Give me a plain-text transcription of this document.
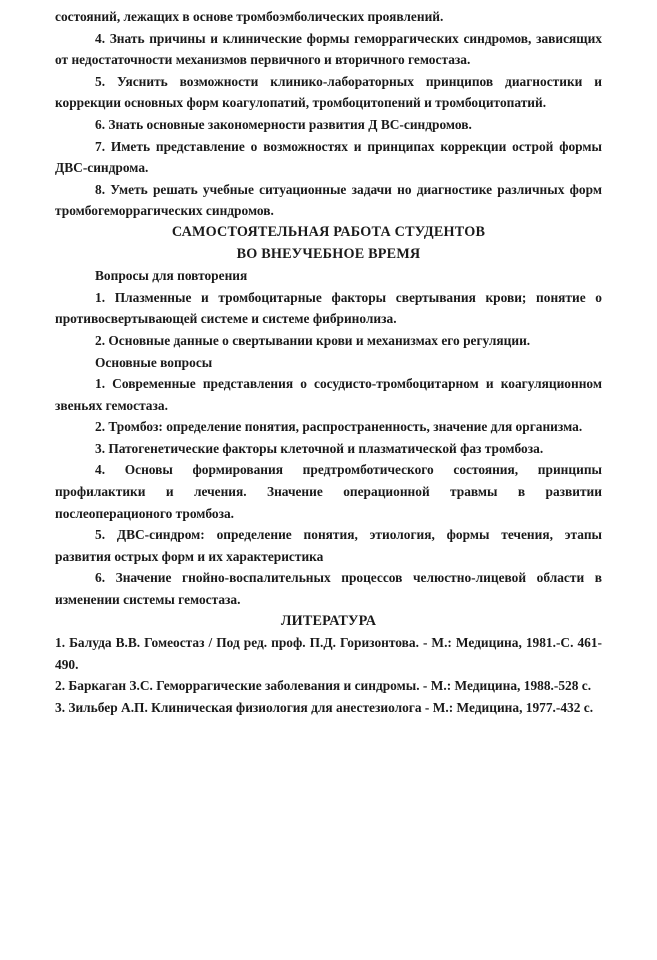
состояний, лежащих в основе тромбоэмболических проявлений.

4. Знать причины и клинические формы геморрагических синдромов, зависящих от недостаточности механизмов первичного и вторичного гемостаза.

5. Уяснить возможности клинико-лабораторных принципов диагностики и коррекции основных форм коагулопатий, тромбоцитопений и тромбоцитопатий.

6. Знать основные закономерности развития Д ВС-синдромов.

7. Иметь представление о возможностях и принципах коррекции острой формы ДВС-синдрома.

8. Уметь решать учебные ситуационные задачи но диагностике различных форм тромбогеморрагических синдромов.

САМОСТОЯТЕЛЬНАЯ РАБОТА СТУДЕНТОВ

ВО ВНЕУЧЕБНОЕ ВРЕМЯ

Вопросы для повторения

1. Плазменные и тромбоцитарные факторы свертывания крови; понятие о противосвертывающей системе и системе фибринолиза.

2. Основные данные о свертывании крови и механизмах его регуляции.

Основные вопросы

1. Современные представления о сосудисто-тромбоцитарном и коагуляционном звеньях гемостаза.

2. Тромбоз: определение понятия, распространенность, значение для организма.

3. Патогенетические факторы клеточной и плазматической фаз тромбоза.

4. Основы формирования предтромботического состояния, принципы профилактики и лечения. Значение операционной травмы в развитии послеоперационого тромбоза.

5. ДВС-синдром: определение понятия, этиология, формы течения, этапы развития острых форм и их характеристика

6. Значение гнойно-воспалительных процессов челюстно-лицевой области в изменении системы гемостаза.

ЛИТЕРАТУРА

1. Балуда В.В. Гомеостаз / Под ред. проф. П.Д. Горизонтова. - М.: Медицина, 1981.-С. 461-490.

2. Баркаган З.С. Геморрагические заболевания и синдромы. - М.: Медицина, 1988.-528 с.

3. Зильбер А.П. Клиническая физиология для анестезиолога - М.: Медицина, 1977.-432 с.
